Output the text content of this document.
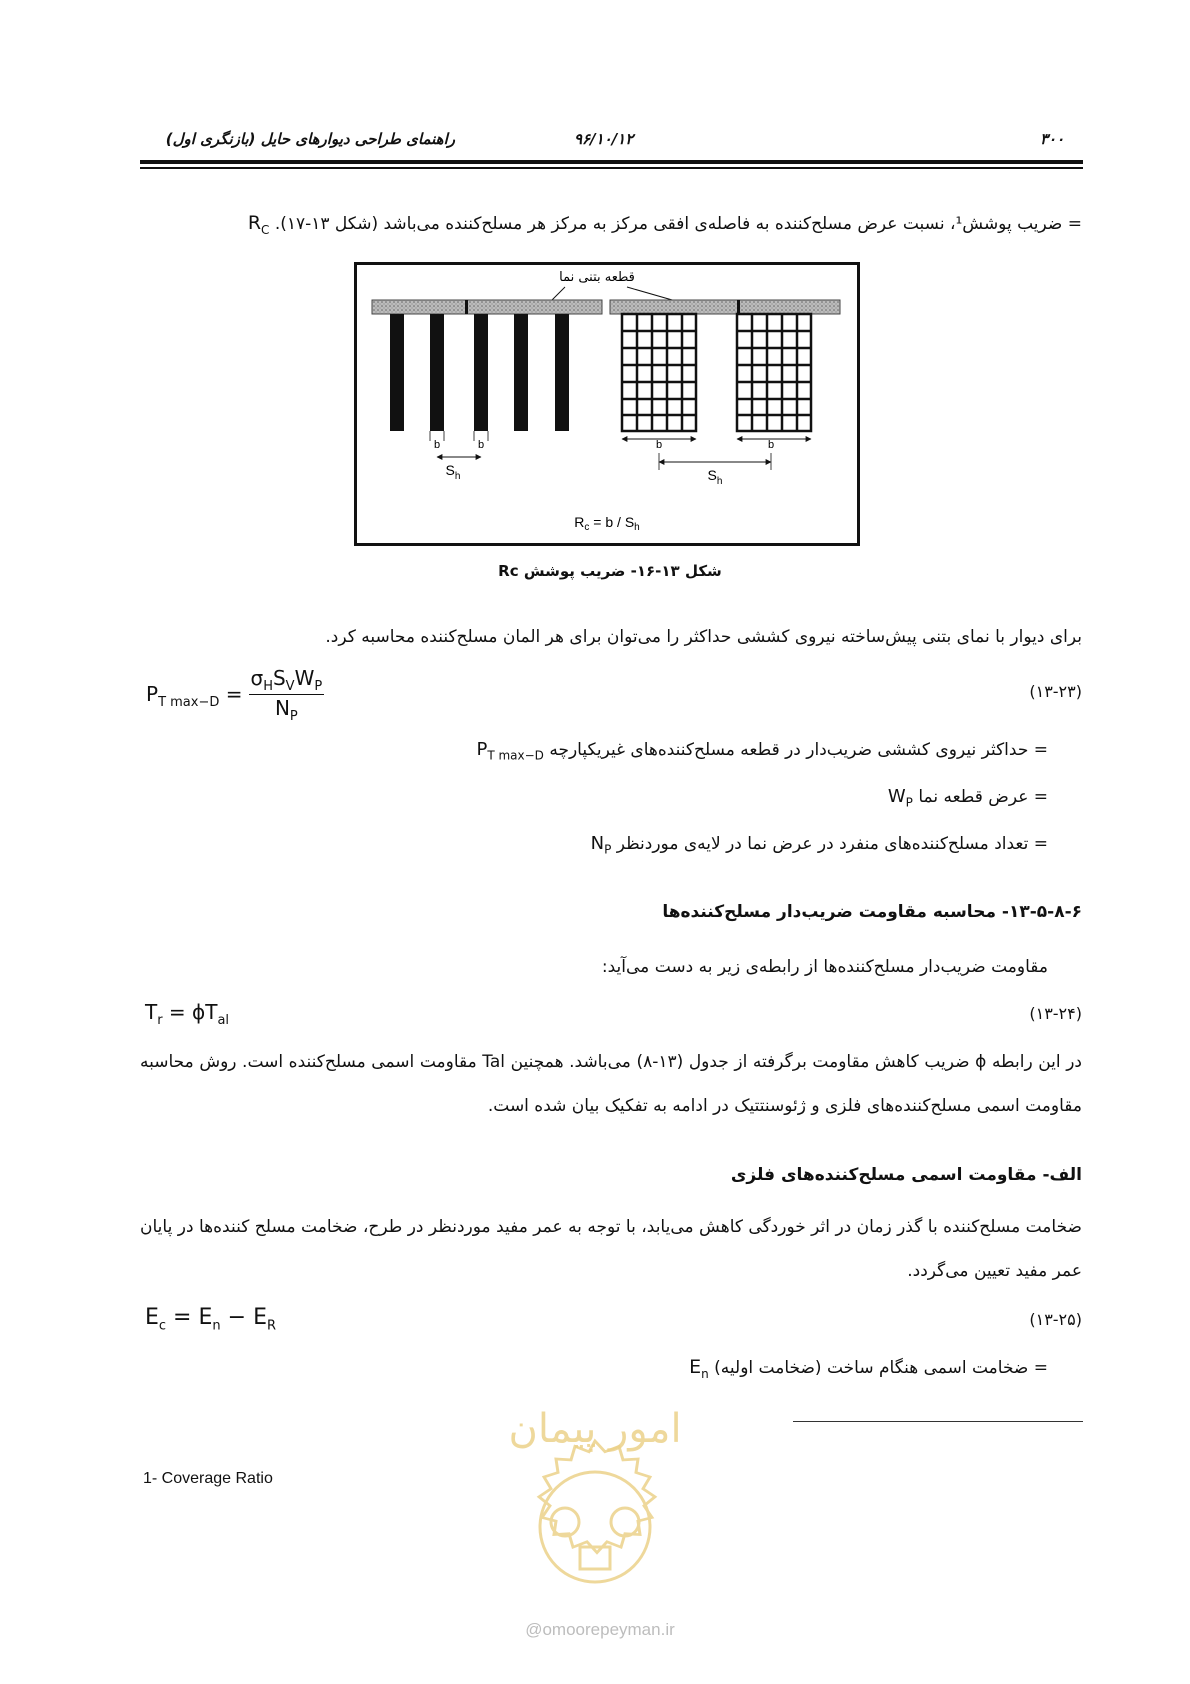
۳۰۰
۹۶/۱۰/۱۲
راهنمای طراحی دیوارهای حایل (بازنگری اول)
= ضریب پوشش¹، نسبت عرض مسلح‌کننده به فاصله‌ی افقی مرکز به مرکز هر مسلح‌کننده می‌باشد (شکل ۱۳-۱۷). $R_C$
قطعه بتنی نما
b	b
$S_h$
b	b
$S_h$
$R_c = b / S_h$
شکل ۱۳-۱۶- ضریب پوشش Rc
برای دیوار با نمای بتنی پیش‌ساخته نیروی کششی حداکثر را می‌توان برای هر المان مسلح‌کننده محاسبه کرد.
$P_{T max-D}$ =	$\sigma_HS_VW_P$
$N_P$
(۱۳-۲۳)
= حداکثر نیروی کششی ضریب‌دار در قطعه مسلح‌کننده‌های غیریکپارچه $P_{T max-D}$
= عرض قطعه نما $W_P$
= تعداد مسلح‌کننده‌های منفرد در عرض نما در لایه‌ی موردنظر $N_P$
۱۳-۵-۸-۶- محاسبه مقاومت ضریب‌دار مسلح‌کننده‌ها
مقاومت ضریب‌دار مسلح‌کننده‌ها از رابطه‌ی زیر به دست می‌آید:
$T_r = \phi T_{al}$	(۱۳-۲۴)
در این رابطه ϕ ضریب کاهش مقاومت برگرفته از جدول (۱۳-۸) می‌باشد. همچنین Tal مقاومت اسمی مسلح‌کننده است. روش محاسبه مقاومت اسمی مسلح‌کننده‌های فلزی و ژئوسنتتیک در ادامه به تفکیک بیان شده است.
الف- مقاومت اسمی مسلح‌کننده‌های فلزی
ضخامت مسلح‌کننده با گذر زمان در اثر خوردگی کاهش می‌یابد، با توجه به عمر مفید موردنظر در طرح، ضخامت مسلح کننده‌ها در پایان عمر مفید تعیین می‌گردد.
$E_c = E_n - E_R$	(۱۳-۲۵)
= ضخامت اسمی هنگام ساخت (ضخامت اولیه) $E_n$
1- Coverage Ratio
امور پیمان
@omoorepeyman.ir
